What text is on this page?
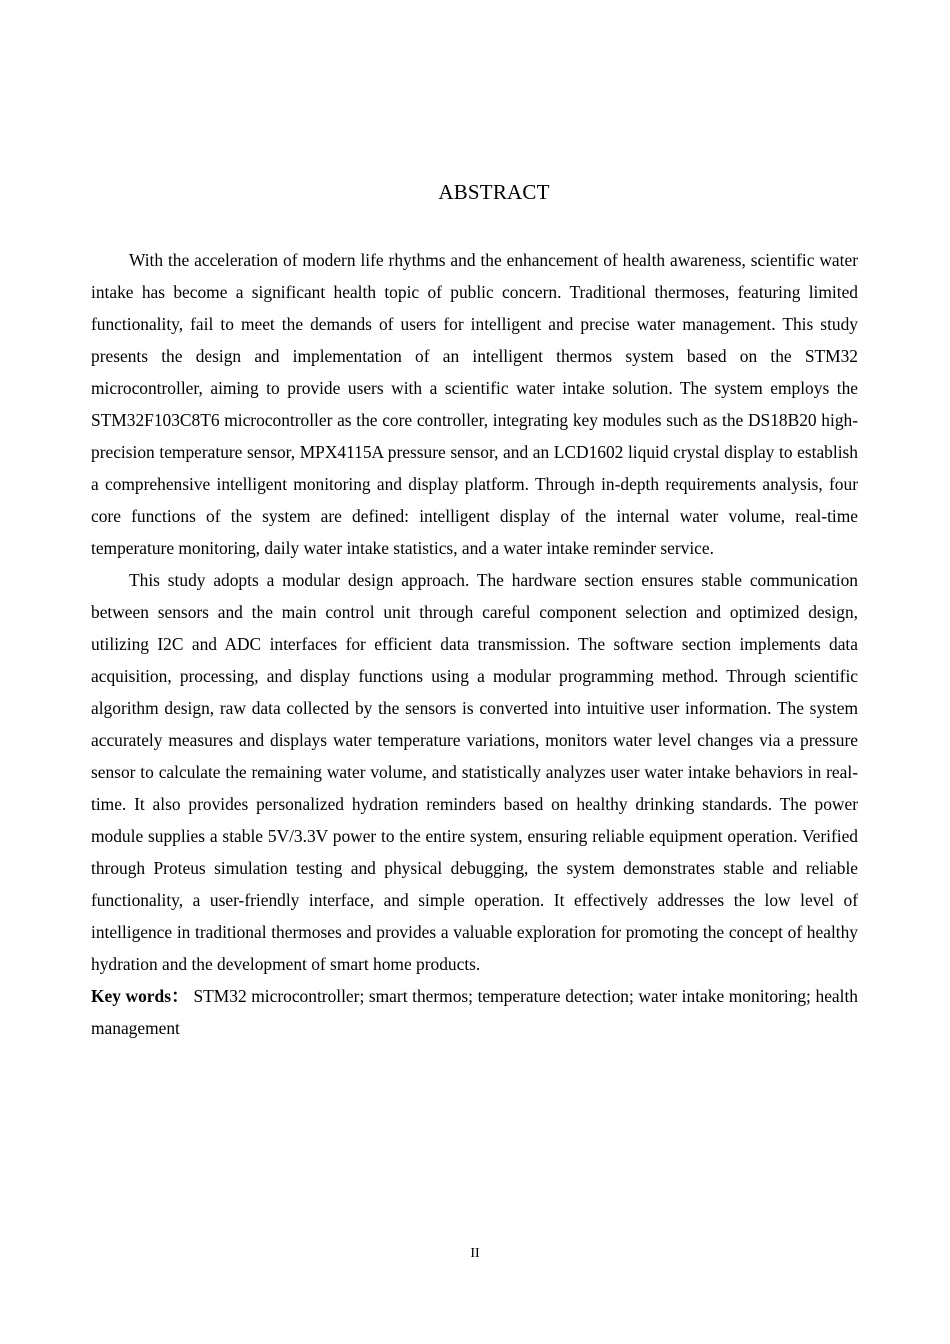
ABSTRACT

With the acceleration of modern life rhythms and the enhancement of health awareness, scientific water intake has become a significant health topic of public concern. Traditional thermoses, featuring limited functionality, fail to meet the demands of users for intelligent and precise water management. This study presents the design and implementation of an intelligent thermos system based on the STM32 microcontroller, aiming to provide users with a scientific water intake solution. The system employs the STM32F103C8T6 microcontroller as the core controller, integrating key modules such as the DS18B20 high-precision temperature sensor, MPX4115A pressure sensor, and an LCD1602 liquid crystal display to establish a comprehensive intelligent monitoring and display platform. Through in-depth requirements analysis, four core functions of the system are defined: intelligent display of the internal water volume, real-time temperature monitoring, daily water intake statistics, and a water intake reminder service.

This study adopts a modular design approach. The hardware section ensures stable communication between sensors and the main control unit through careful component selection and optimized design, utilizing I2C and ADC interfaces for efficient data transmission. The software section implements data acquisition, processing, and display functions using a modular programming method. Through scientific algorithm design, raw data collected by the sensors is converted into intuitive user information. The system accurately measures and displays water temperature variations, monitors water level changes via a pressure sensor to calculate the remaining water volume, and statistically analyzes user water intake behaviors in real-time. It also provides personalized hydration reminders based on healthy drinking standards. The power module supplies a stable 5V/3.3V power to the entire system, ensuring reliable equipment operation. Verified through Proteus simulation testing and physical debugging, the system demonstrates stable and reliable functionality, a user-friendly interface, and simple operation. It effectively addresses the low level of intelligence in traditional thermoses and provides a valuable exploration for promoting the concept of healthy hydration and the development of smart home products.

Key words： STM32 microcontroller; smart thermos; temperature detection; water intake monitoring; health management

II
